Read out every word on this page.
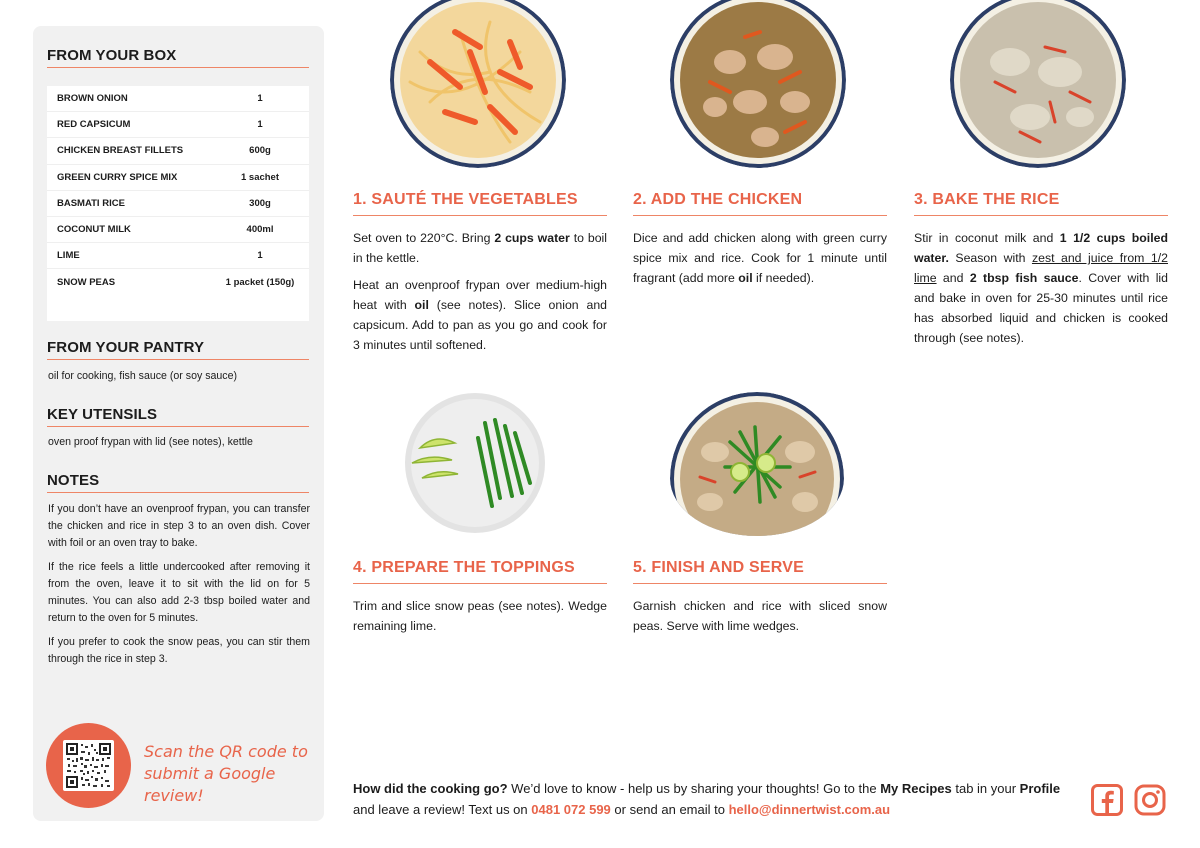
FROM YOUR BOX
BROWN ONION	1
RED CAPSICUM	1
CHICKEN BREAST FILLETS	600g
GREEN CURRY SPICE MIX	1 sachet
BASMATI RICE	300g
COCONUT MILK	400ml
LIME	1
SNOW PEAS	1 packet (150g)
FROM YOUR PANTRY
oil for cooking, fish sauce (or soy sauce)
KEY UTENSILS
oven proof frypan with lid (see notes), kettle
NOTES

If you don’t have an ovenproof frypan, you can transfer the chicken and rice in step 3 to an oven dish. Cover with foil or an oven tray to bake.

If the rice feels a little undercooked after removing it from the oven, leave it to sit with the lid on for 5 minutes. You can also add 2-3 tbsp boiled water and return to the oven for 5 minutes.

If you prefer to cook the snow peas, you can stir them through the rice in step 3.

Scan the QR code to
submit a Google review!
1. SAUTÉ THE VEGETABLES

Set oven to 220°C. Bring 2 cups water to boil in the kettle.

Heat an ovenproof frypan over medium-high heat with oil (see notes). Slice onion and capsicum. Add to pan as you go and cook for 3 minutes until softened.

2. ADD THE CHICKEN

Dice and add chicken along with green curry spice mix and rice. Cook for 1 minute until fragrant (add more oil if needed).

3. BAKE THE RICE

Stir in coconut milk and 1 1/2 cups boiled water. Season with zest and juice from 1/2 lime and 2 tbsp fish sauce. Cover with lid and bake in oven for 25-30 minutes until rice has absorbed liquid and chicken is cooked through (see notes).

4. PREPARE THE TOPPINGS

Trim and slice snow peas (see notes). Wedge remaining lime.

5. FINISH AND SERVE

Garnish chicken and rice with sliced snow peas. Serve with lime wedges.

How did the cooking go? We’d love to know - help us by sharing your thoughts! Go to the My Recipes tab in your Profile and leave a review! Text us on 0481 072 599 or send an email to hello@dinnertwist.com.au
